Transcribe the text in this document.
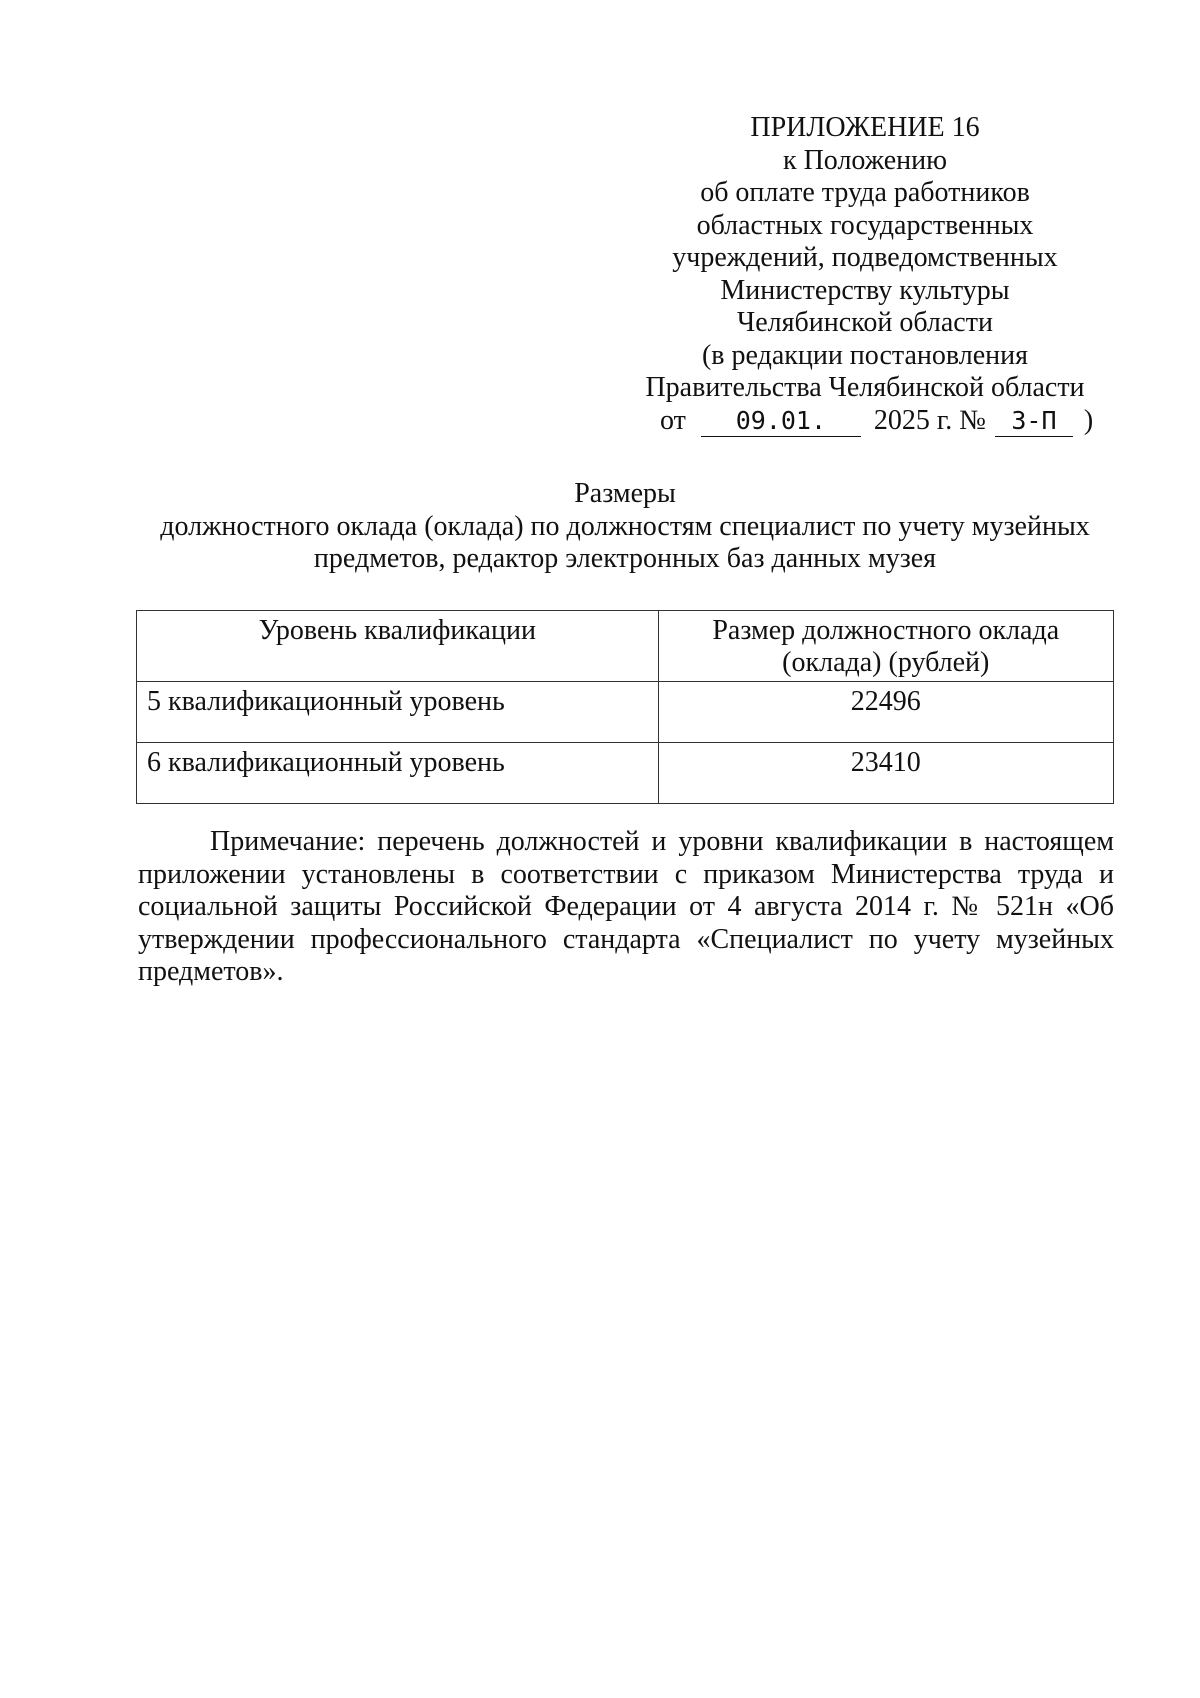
ПРИЛОЖЕНИЕ 16
к Положению
об оплате труда работников
областных государственных
учреждений, подведомственных
Министерству культуры
Челябинской области
(в редакции постановления
Правительства Челябинской области
от 09.01. 2025 г. № 3-П )
Размеры
должностного оклада (оклада) по должностям специалист по учету музейных
предметов, редактор электронных баз данных музея
Уровень квалификации	Размер должностного оклада
(оклада) (рублей)

5 квалификационный уровень	22496
6 квалификационный уровень	23410

Примечание: перечень должностей и уровни квалификации в настоящем приложении установлены в соответствии с приказом Министерства труда и социальной защиты Российской Федерации от 4 августа 2014 г. № 521н «Об утверждении профессионального стандарта «Специалист по учету музейных предметов».
